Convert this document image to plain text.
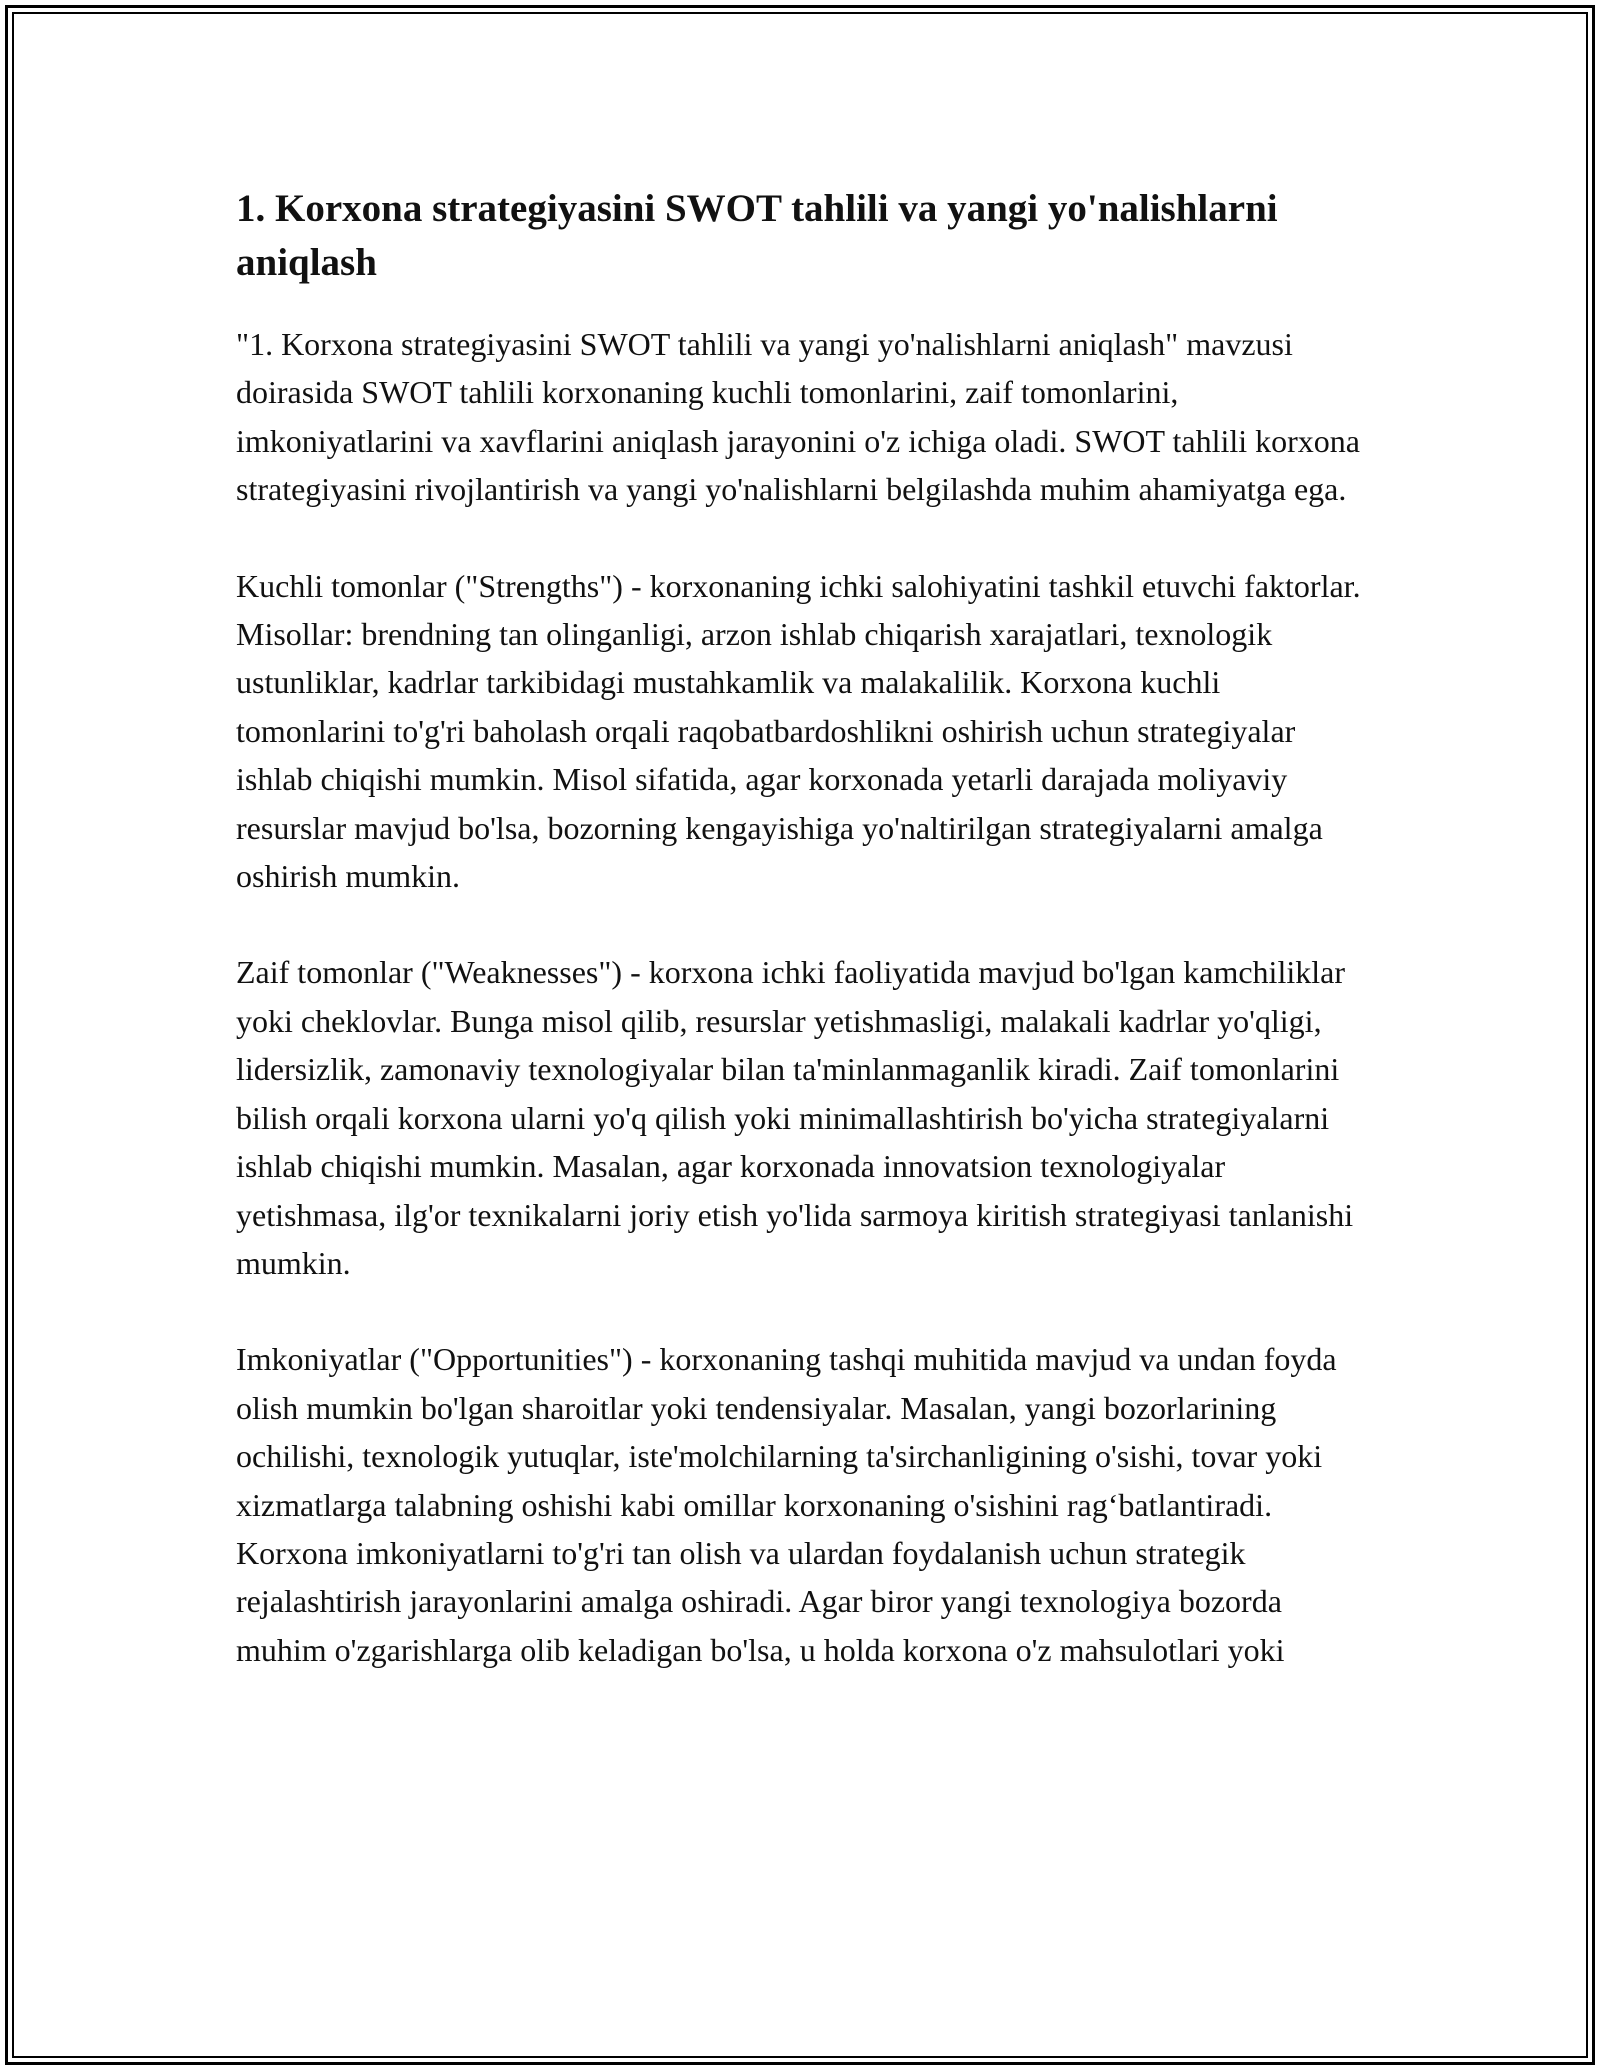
1. Korxona strategiyasini SWOT tahlili va yangi yo'nalishlarni aniqlash

"1. Korxona strategiyasini SWOT tahlili va yangi yo'nalishlarni aniqlash" mavzusi doirasida SWOT tahlili korxonaning kuchli tomonlarini, zaif tomonlarini, imkoniyatlarini va xavflarini aniqlash jarayonini o'z ichiga oladi. SWOT tahlili korxona strategiyasini rivojlantirish va yangi yo'nalishlarni belgilashda muhim ahamiyatga ega.

Kuchli tomonlar ("Strengths") - korxonaning ichki salohiyatini tashkil etuvchi faktorlar. Misollar: brendning tan olinganligi, arzon ishlab chiqarish xarajatlari, texnologik ustunliklar, kadrlar tarkibidagi mustahkamlik va malakalilik. Korxona kuchli tomonlarini to'g'ri baholash orqali raqobatbardoshlikni oshirish uchun strategiyalar ishlab chiqishi mumkin. Misol sifatida, agar korxonada yetarli darajada moliyaviy resurslar mavjud bo'lsa, bozorning kengayishiga yo'naltirilgan strategiyalarni amalga oshirish mumkin.

Zaif tomonlar ("Weaknesses") - korxona ichki faoliyatida mavjud bo'lgan kamchiliklar yoki cheklovlar. Bunga misol qilib, resurslar yetishmasligi, malakali kadrlar yo'qligi, lidersizlik, zamonaviy texnologiyalar bilan ta'minlanmaganlik kiradi. Zaif tomonlarini bilish orqali korxona ularni yo'q qilish yoki minimallashtirish bo'yicha strategiyalarni ishlab chiqishi mumkin. Masalan, agar korxonada innovatsion texnologiyalar yetishmasa, ilg'or texnikalarni joriy etish yo'lida sarmoya kiritish strategiyasi tanlanishi mumkin.

Imkoniyatlar ("Opportunities") - korxonaning tashqi muhitida mavjud va undan foyda olish mumkin bo'lgan sharoitlar yoki tendensiyalar. Masalan, yangi bozorlarining ochilishi, texnologik yutuqlar, iste'molchilarning ta'sirchanligining o'sishi, tovar yoki xizmatlarga talabning oshishi kabi omillar korxonaning o'sishini rag‘batlantiradi. Korxona imkoniyatlarni to'g'ri tan olish va ulardan foydalanish uchun strategik rejalashtirish jarayonlarini amalga oshiradi. Agar biror yangi texnologiya bozorda muhim o'zgarishlarga olib keladigan bo'lsa, u holda korxona o'z mahsulotlari yoki
